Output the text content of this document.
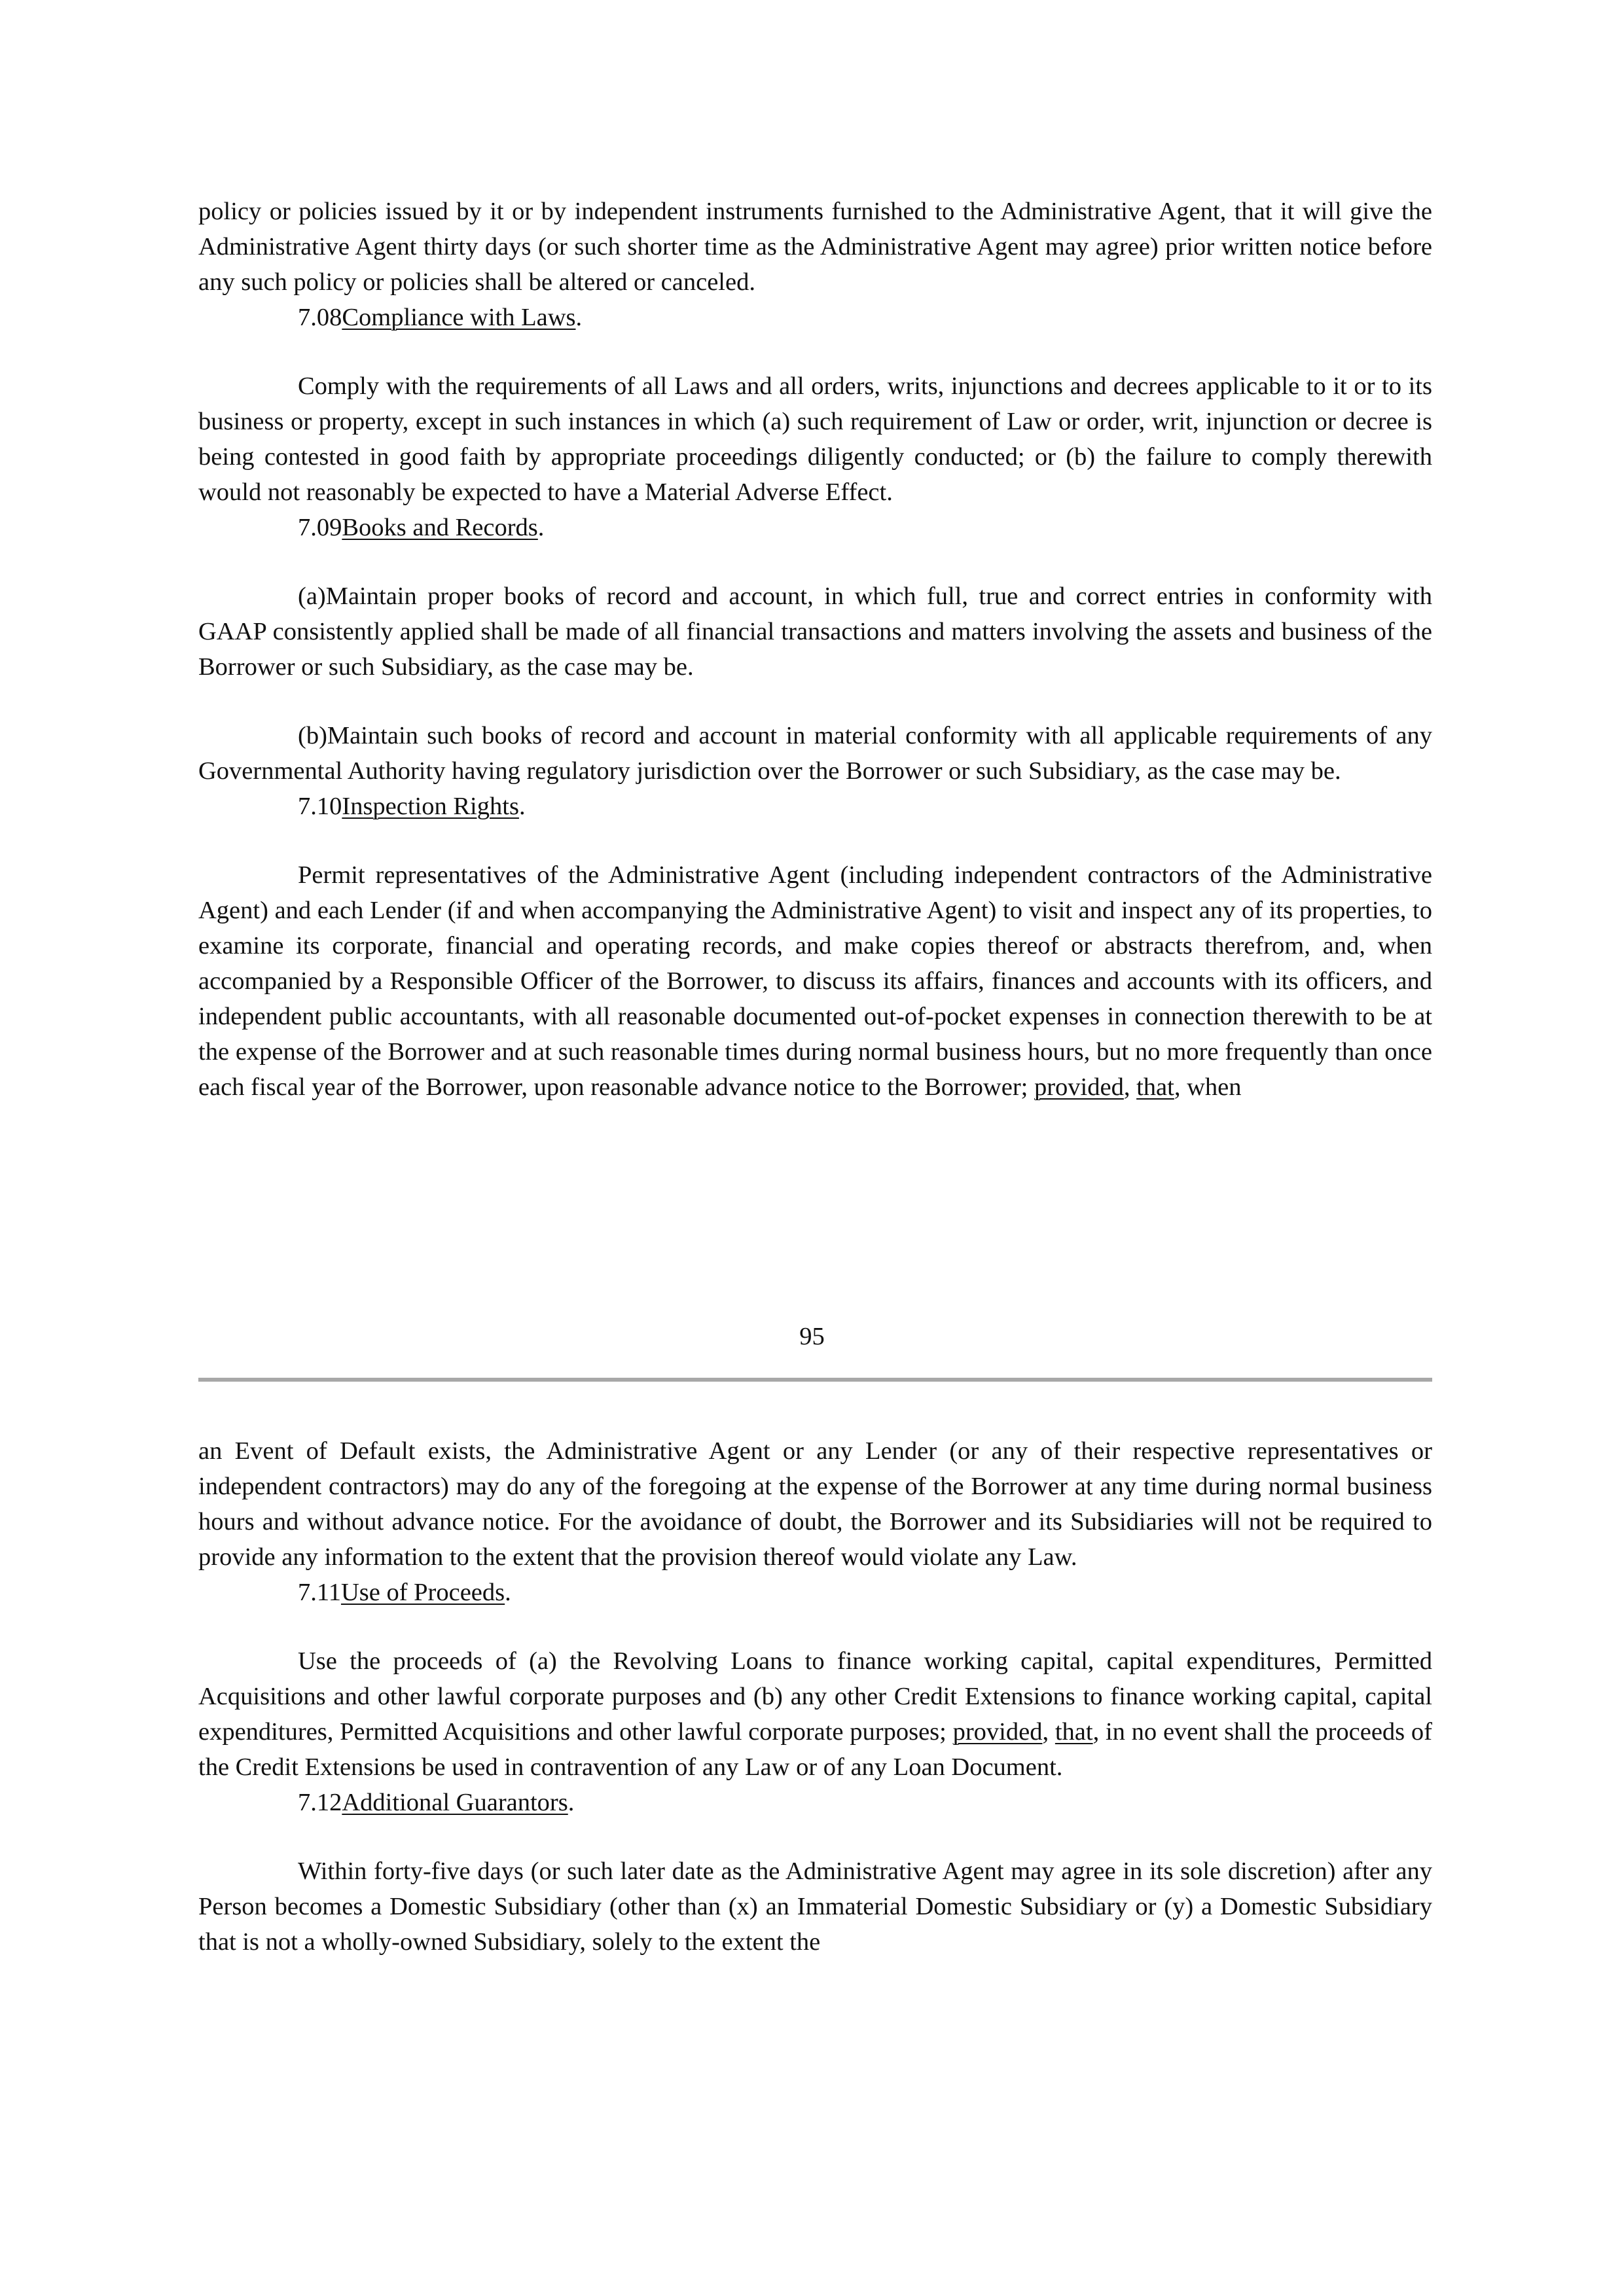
policy or policies issued by it or by independent instruments furnished to the Administrative Agent, that it will give the Administrative Agent thirty days (or such shorter time as the Administrative Agent may agree) prior written notice before any such policy or policies shall be altered or canceled.

7.08Compliance with Laws.

Comply with the requirements of all Laws and all orders, writs, injunctions and decrees applicable to it or to its business or property, except in such instances in which (a) such requirement of Law or order, writ, injunction or decree is being contested in good faith by appropriate proceedings diligently conducted; or (b) the failure to comply therewith would not reasonably be expected to have a Material Adverse Effect.

7.09Books and Records.

(a)Maintain proper books of record and account, in which full, true and correct entries in conformity with GAAP consistently applied shall be made of all financial transactions and matters involving the assets and business of the Borrower or such Subsidiary, as the case may be.

(b)Maintain such books of record and account in material conformity with all applicable requirements of any Governmental Authority having regulatory jurisdiction over the Borrower or such Subsidiary, as the case may be.

7.10Inspection Rights.

Permit representatives of the Administrative Agent (including independent contractors of the Administrative Agent) and each Lender (if and when accompanying the Administrative Agent) to visit and inspect any of its properties, to examine its corporate, financial and operating records, and make copies thereof or abstracts therefrom, and, when accompanied by a Responsible Officer of the Borrower, to discuss its affairs, finances and accounts with its officers, and independent public accountants, with all reasonable documented out-of-pocket expenses in connection therewith to be at the expense of the Borrower and at such reasonable times during normal business hours, but no more frequently than once each fiscal year of the Borrower, upon reasonable advance notice to the Borrower; provided, that, when

95

an Event of Default exists, the Administrative Agent or any Lender (or any of their respective representatives or independent contractors) may do any of the foregoing at the expense of the Borrower at any time during normal business hours and without advance notice. For the avoidance of doubt, the Borrower and its Subsidiaries will not be required to provide any information to the extent that the provision thereof would violate any Law.

7.11Use of Proceeds.

Use the proceeds of (a) the Revolving Loans to finance working capital, capital expenditures, Permitted Acquisitions and other lawful corporate purposes and (b) any other Credit Extensions to finance working capital, capital expenditures, Permitted Acquisitions and other lawful corporate purposes; provided, that, in no event shall the proceeds of the Credit Extensions be used in contravention of any Law or of any Loan Document.

7.12Additional Guarantors.

Within forty-five days (or such later date as the Administrative Agent may agree in its sole discretion) after any Person becomes a Domestic Subsidiary (other than (x) an Immaterial Domestic Subsidiary or (y) a Domestic Subsidiary that is not a wholly-owned Subsidiary, solely to the extent the
